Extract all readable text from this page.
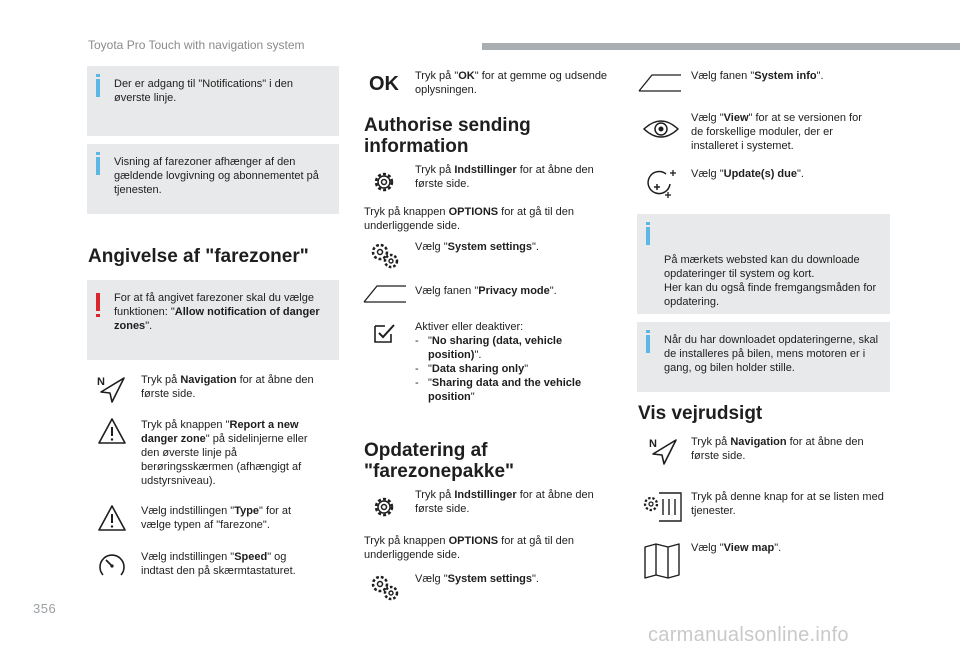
Toyota Pro Touch with navigation system
356
carmanualsonline.info
Der er adgang til "Notifications" i den øverste linje.
Visning af farezoner afhænger af den gældende lovgivning og abonnementet på tjenesten.
Angivelse af "farezoner"
For at få angivet farezoner skal du vælge funktionen: "Allow notification of danger zones".
N	Tryk på Navigation for at åbne den første side.
Tryk på knappen "Report a new danger zone" på sidelinjerne eller den øverste linje på berøringsskærmen (afhængigt af udstyrsniveau).
Vælg indstillingen "Type" for at vælge typen af "farezone".
Vælg indstillingen "Speed" og indtast den på skærmtastaturet.
OK Tryk på "OK" for at gemme og udsende oplysningen.
Authorise sending information
Tryk på Indstillinger for at åbne den første side.
Tryk på knappen OPTIONS for at gå til den underliggende side.
Vælg "System settings".
Vælg fanen "Privacy mode".
Aktiver eller deaktiver:
- "No sharing (data, vehicle position)".
- "Data sharing only"
- "Sharing data and the vehicle position"
Opdatering af "farezonepakke"
Tryk på Indstillinger for at åbne den første side.
Tryk på knappen OPTIONS for at gå til den underliggende side.
Vælg "System settings".
Vælg fanen "System info".
Vælg "View" for at se versionen for de forskellige moduler, der er installeret i systemet.
Vælg "Update(s) due".

På mærkets websted kan du downloade opdateringer til system og kort.
Her kan du også finde fremgangsmåden for opdatering.

Når du har downloadet opdateringerne, skal de installeres på bilen, mens motoren er i gang, og bilen holder stille.
Vis vejrudsigt
N	Tryk på Navigation for at åbne den første side.
Tryk på denne knap for at se listen med tjenester.
Vælg "View map".
